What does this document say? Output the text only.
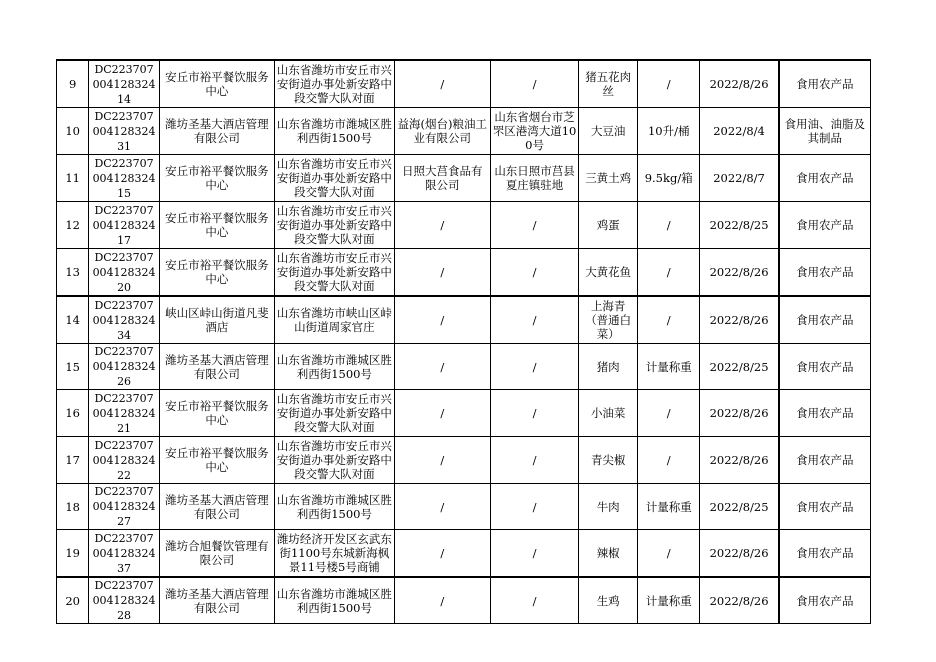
9	DC22370700412832414	安丘市裕平餐饮服务中心	山东省潍坊市安丘市兴安街道办事处新安路中段交警大队对面	/	/	猪五花肉丝	/	2022/8/26	食用农产品
10	DC22370700412832431	潍坊圣基大酒店管理有限公司	山东省潍坊市潍城区胜利西街1500号	益海(烟台)粮油工业有限公司	山东省烟台市芝罘区港湾大道100号	大豆油	10升/桶	2022/8/4	食用油、油脂及其制品
11	DC22370700412832415	安丘市裕平餐饮服务中心	山东省潍坊市安丘市兴安街道办事处新安路中段交警大队对面	日照大莒食品有限公司	山东日照市莒县夏庄镇驻地	三黄土鸡	9.5kg/箱	2022/8/7	食用农产品
12	DC22370700412832417	安丘市裕平餐饮服务中心	山东省潍坊市安丘市兴安街道办事处新安路中段交警大队对面	/	/	鸡蛋	/	2022/8/25	食用农产品
13	DC22370700412832420	安丘市裕平餐饮服务中心	山东省潍坊市安丘市兴安街道办事处新安路中段交警大队对面	/	/	大黄花鱼	/	2022/8/26	食用农产品
14	DC22370700412832434	峡山区峠山街道凡斐酒店	山东省潍坊市峡山区峠山街道周家官庄	/	/	上海青（普通白菜）	/	2022/8/26	食用农产品
15	DC22370700412832426	潍坊圣基大酒店管理有限公司	山东省潍坊市潍城区胜利西街1500号	/	/	猪肉	计量称重	2022/8/25	食用农产品
16	DC22370700412832421	安丘市裕平餐饮服务中心	山东省潍坊市安丘市兴安街道办事处新安路中段交警大队对面	/	/	小油菜	/	2022/8/26	食用农产品
17	DC22370700412832422	安丘市裕平餐饮服务中心	山东省潍坊市安丘市兴安街道办事处新安路中段交警大队对面	/	/	青尖椒	/	2022/8/26	食用农产品
18	DC22370700412832427	潍坊圣基大酒店管理有限公司	山东省潍坊市潍城区胜利西街1500号	/	/	牛肉	计量称重	2022/8/25	食用农产品
19	DC22370700412832437	潍坊合旭餐饮管理有限公司	潍坊经济开发区玄武东街1100号东城新海枫景11号楼5号商铺	/	/	辣椒	/	2022/8/26	食用农产品
20	DC22370700412832428	潍坊圣基大酒店管理有限公司	山东省潍坊市潍城区胜利西街1500号	/	/	生鸡	计量称重	2022/8/26	食用农产品
